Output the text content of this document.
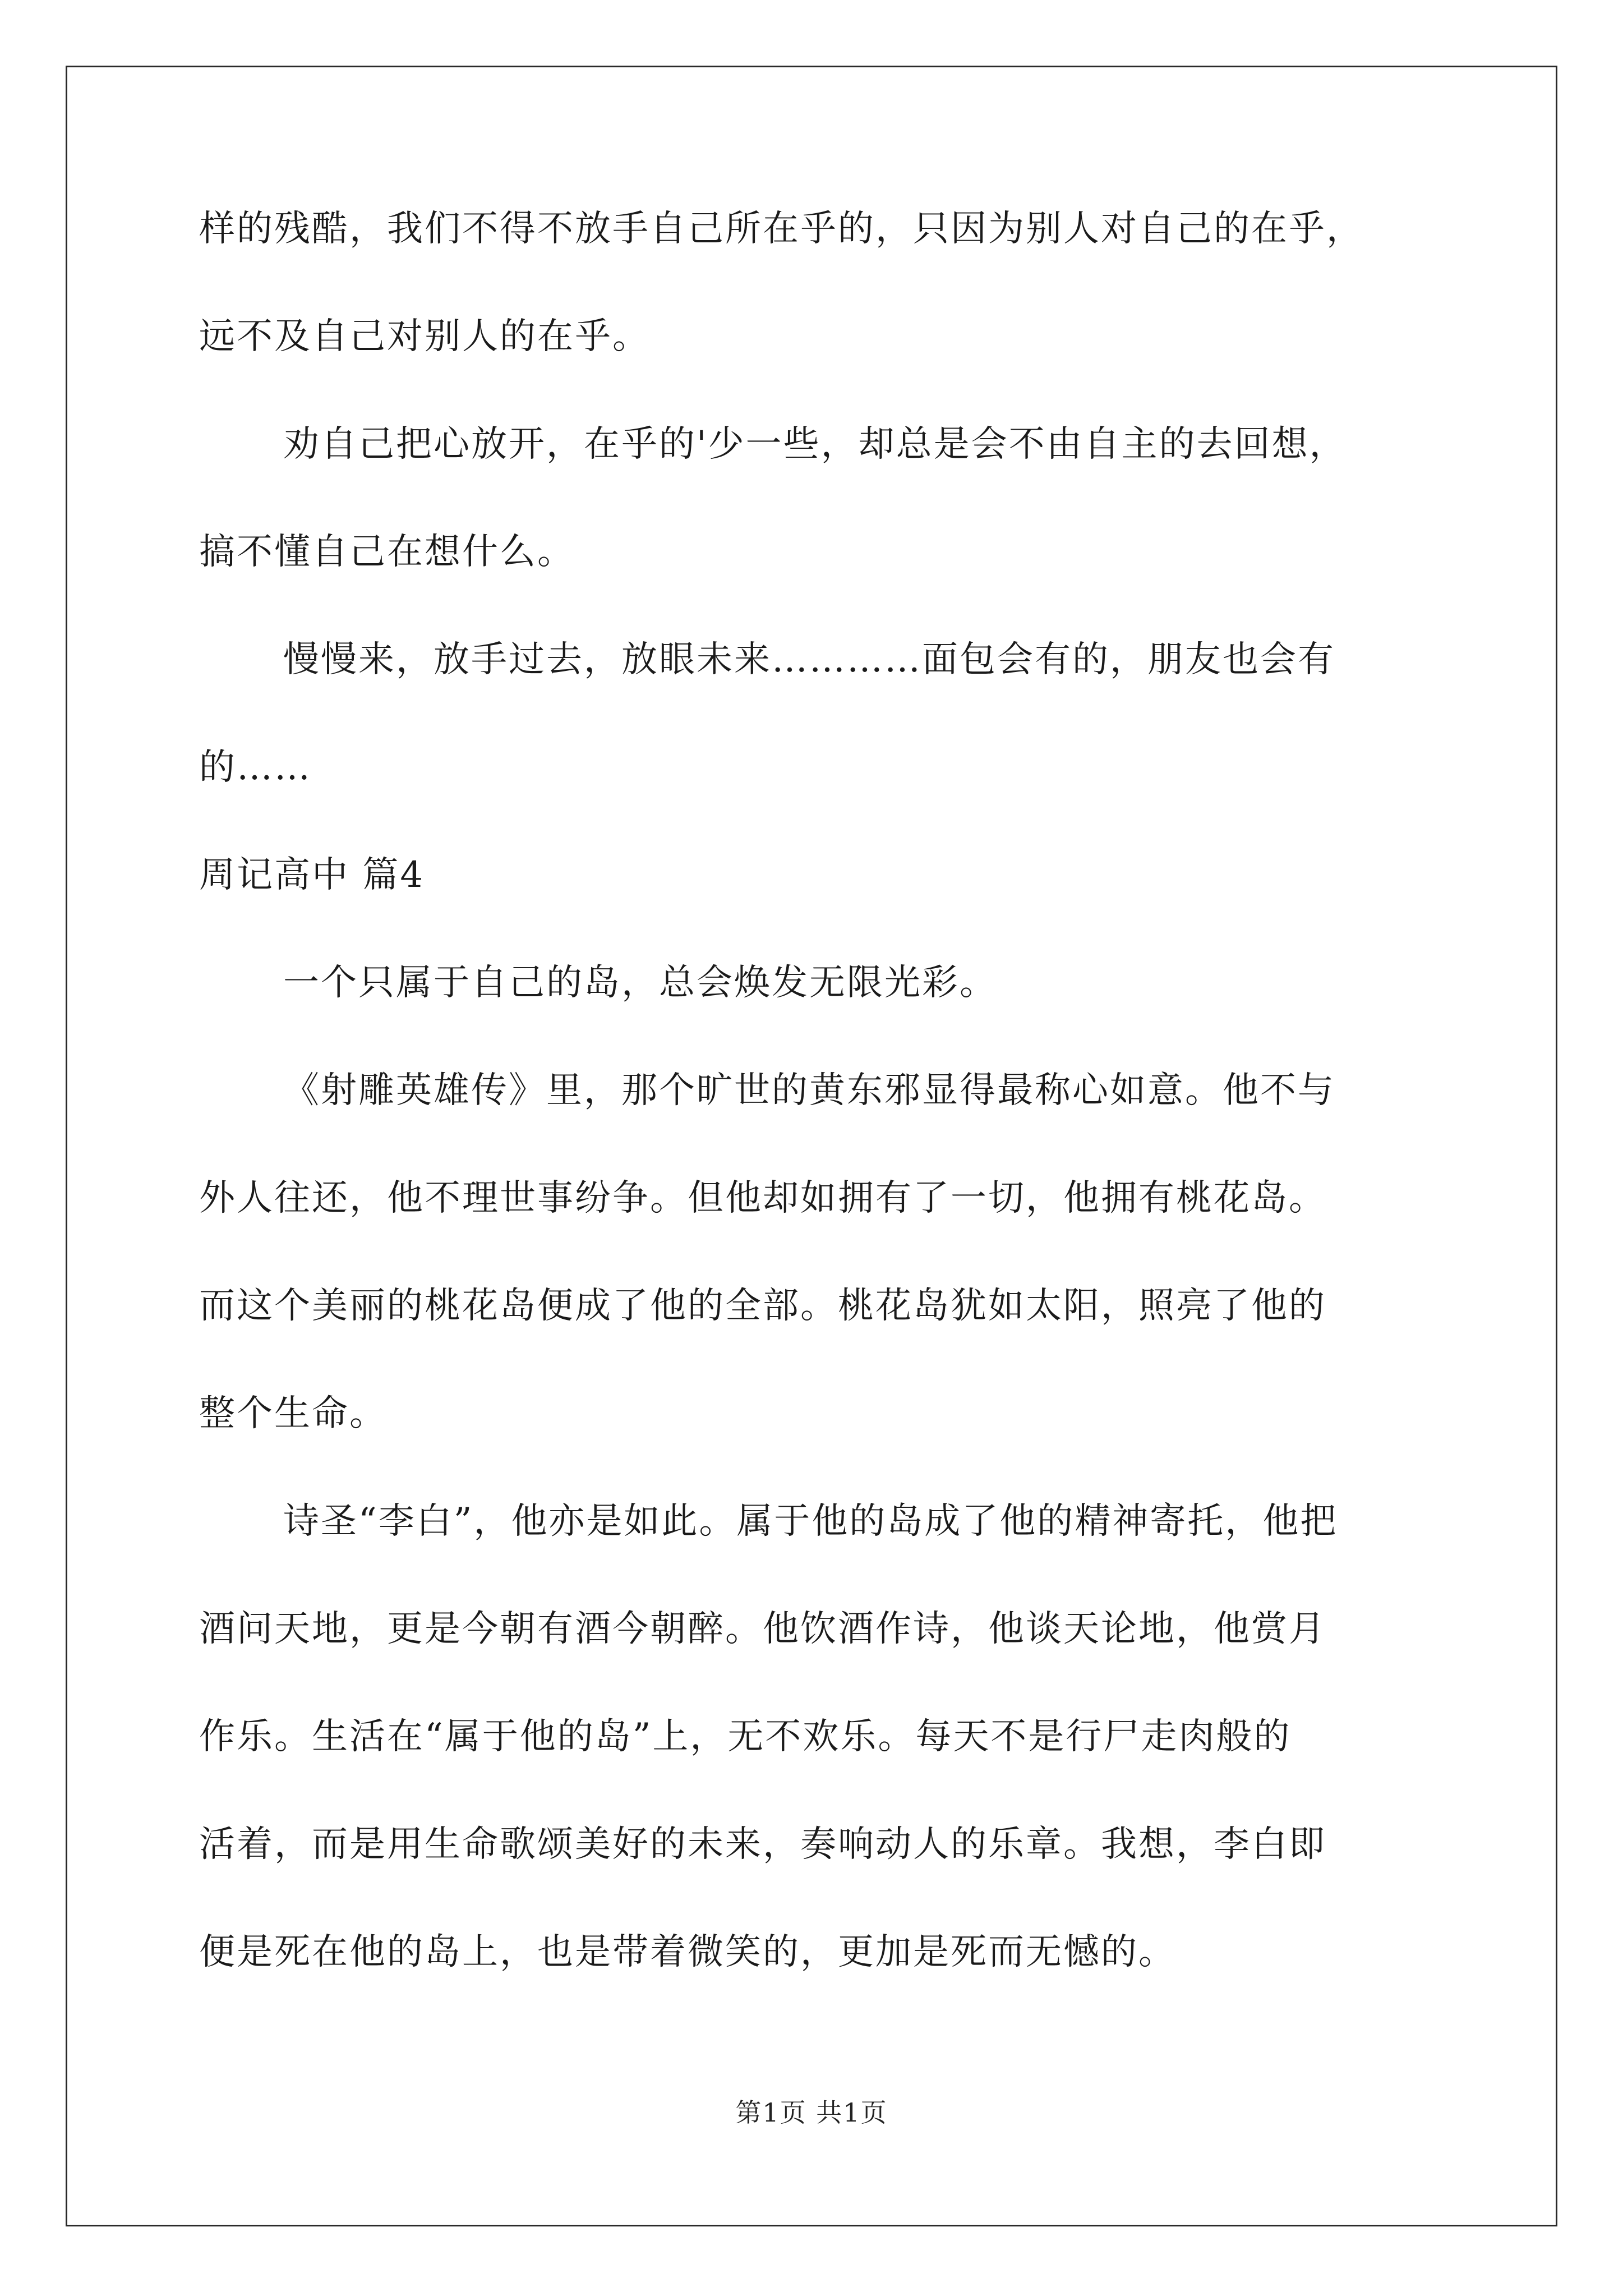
样的残酷，我们不得不放手自己所在乎的，只因为别人对自己的在乎，
远不及自己对别人的在乎。
劝自己把心放开，在乎的'少一些，却总是会不由自主的去回想，
搞不懂自己在想什么。
慢慢来，放手过去，放眼未来…………面包会有的，朋友也会有
的……
周记高中 篇4
一个只属于自己的岛，总会焕发无限光彩。
《射雕英雄传》里，那个旷世的黄东邪显得最称心如意。他不与
外人往还，他不理世事纷争。但他却如拥有了一切，他拥有桃花岛。
而这个美丽的桃花岛便成了他的全部。桃花岛犹如太阳，照亮了他的
整个生命。
诗圣“李白”，他亦是如此。属于他的岛成了他的精神寄托，他把
酒问天地，更是今朝有酒今朝醉。他饮酒作诗，他谈天论地，他赏月
作乐。生活在“属于他的岛”上，无不欢乐。每天不是行尸走肉般的
活着，而是用生命歌颂美好的未来，奏响动人的乐章。我想，李白即
便是死在他的岛上，也是带着微笑的，更加是死而无憾的。
第1页 共1页
